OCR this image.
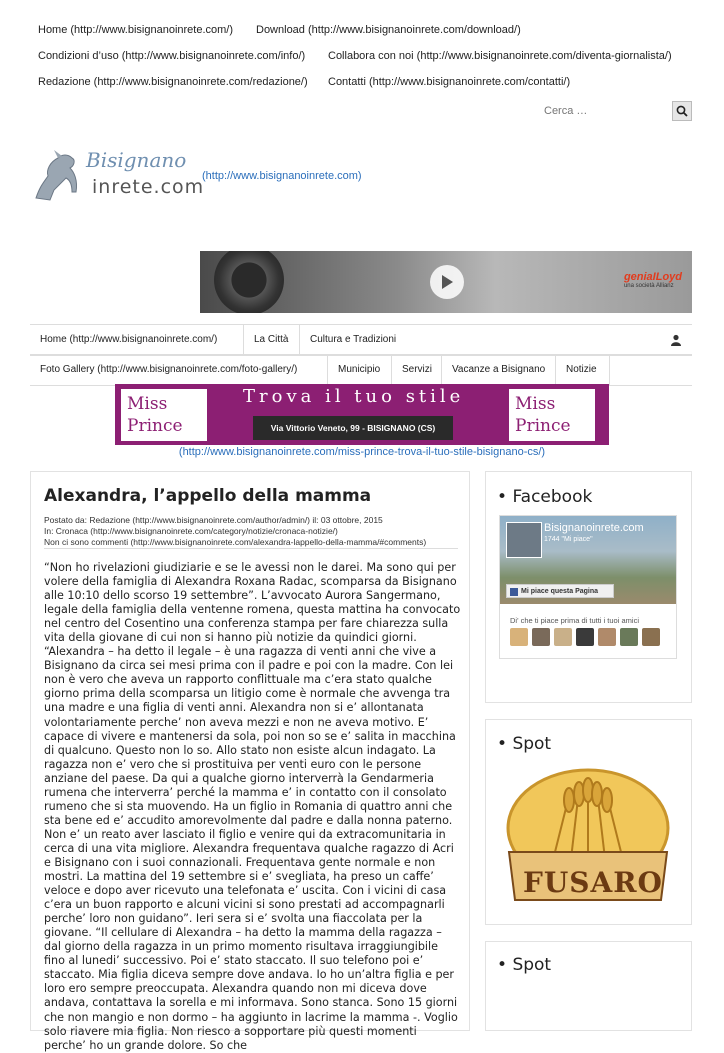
Home (http://www.bisignanoinrete.com/) Download (http://www.bisignanoinrete.com/download/)
Condizioni d’uso (http://www.bisignanoinrete.com/info/) Collabora con noi (http://www.bisignanoinrete.com/diventa-giornalista/)
Redazione (http://www.bisignanoinrete.com/redazione/) Contatti (http://www.bisignanoinrete.com/contatti/)
Cerca …
Bisignano
inrete.com
(http://www.bisignanoinrete.com)
geniaILoyd
una società Allianz
Home (http://www.bisignanoinrete.com/)	La Città	Cultura e Tradizioni
Foto Gallery (http://www.bisignanoinrete.com/foto-gallery/)	Municipio	Servizi	Vacanze a Bisignano	Notizie
Miss
Prince
Trova il tuo stile
Via Vittorio Veneto, 99 - BISIGNANO (CS)
Miss
Prince
(http://www.bisignanoinrete.com/miss-prince-trova-il-tuo-stile-bisignano-cs/)
Alexandra, l’appello della mamma
Postato da: Redazione (http://www.bisignanoinrete.com/author/admin/) il: 03 ottobre, 2015
In: Cronaca (http://www.bisignanoinrete.com/category/notizie/cronaca-notizie/)
Non ci sono commenti (http://www.bisignanoinrete.com/alexandra-lappello-della-mamma/#comments)
“Non ho rivelazioni giudiziarie e se le avessi non le darei. Ma sono qui per volere della famiglia di Alexandra Roxana Radac, scomparsa da Bisignano alle 10:10 dello scorso 19 settembre”. L’avvocato Aurora Sangermano, legale della famiglia della ventenne romena, questa mattina ha convocato nel centro del Cosentino una conferenza stampa per fare chiarezza sulla vita della giovane di cui non si hanno più notizie da quindici giorni. “Alexandra – ha detto il legale – è una ragazza di venti anni che vive a Bisignano da circa sei mesi prima con il padre e poi con la madre. Con lei non è vero che aveva un rapporto conflittuale ma c’era stato qualche giorno prima della scomparsa un litigio come è normale che avvenga tra una madre e una figlia di venti anni. Alexandra non si e’ allontanata volontariamente perche’ non aveva mezzi e non ne aveva motivo. E’ capace di vivere e mantenersi da sola, poi non so se e’ salita in macchina di qualcuno. Questo non lo so. Allo stato non esiste alcun indagato. La ragazza non e’ vero che si prostituiva per venti euro con le persone anziane del paese. Da qui a qualche giorno interverrà la Gendarmeria rumena che interverra’ perché la mamma e’ in contatto con il consolato rumeno che si sta muovendo. Ha un figlio in Romania di quattro anni che sta bene ed e’ accudito amorevolmente dal padre e dalla nonna paterno. Non e’ un reato aver lasciato il figlio e venire qui da extracomunitaria in cerca di una vita migliore. Alexandra frequentava qualche ragazzo di Acri e Bisignano con i suoi connazionali. Frequentava gente normale e non mostri. La mattina del 19 settembre si e’ svegliata, ha preso un caffe’ veloce e dopo aver ricevuto una telefonata e’ uscita. Con i vicini di casa c’era un buon rapporto e alcuni vicini si sono prestati ad accompagnarli perche’ loro non guidano”. Ieri sera si e’ svolta una fiaccolata per la giovane. “Il cellulare di Alexandra – ha detto la mamma della ragazza – dal giorno della ragazza in un primo momento risultava irraggiungibile fino al lunedi’ successivo. Poi e’ stato staccato. Il suo telefono poi e’ staccato. Mia figlia diceva sempre dove andava. Io ho un’altra figlia e per loro ero sempre preoccupata. Alexandra quando non mi diceva dove andava, contattava la sorella e mi informava. Sono stanca. Sono 15 giorni che non mangio e non dormo – ha aggiunto in lacrime la mamma -. Voglio solo riavere mia figlia. Non riesco a sopportare più questi momenti perche’ ho un grande dolore. So che
• Facebook
Bisignanoinrete.com
1744 "Mi piace"
Mi piace questa Pagina
Di' che ti piace prima di tutti i tuoi amici
• Spot
FUSARO
• Spot
